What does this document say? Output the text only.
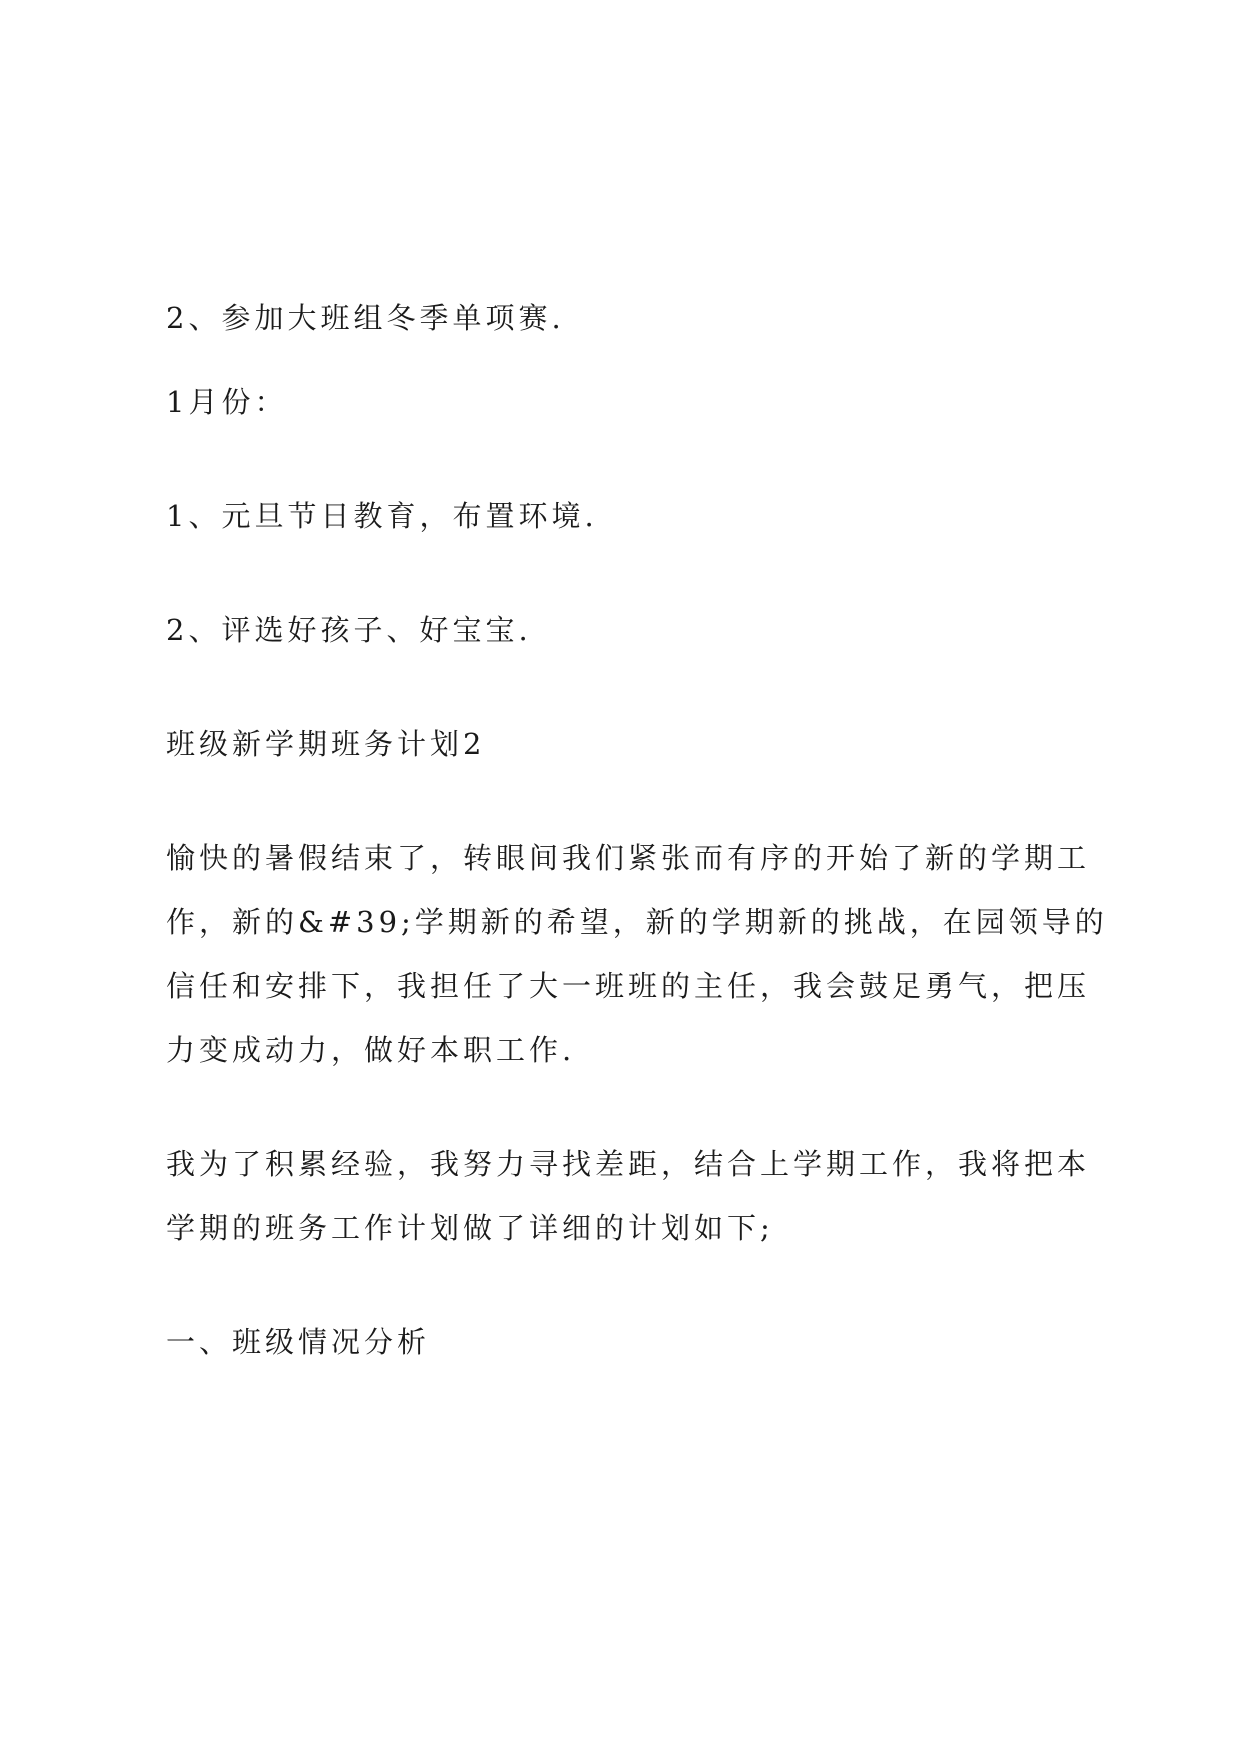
2、参加大班组冬季单项赛.

1月份：

1、元旦节日教育，布置环境.

2、评选好孩子、好宝宝.

班级新学期班务计划2

愉快的暑假结束了，转眼间我们紧张而有序的开始了新的学期工

作，新的&#39;学期新的希望，新的学期新的挑战，在园领导的

信任和安排下，我担任了大一班班的主任，我会鼓足勇气，把压

力变成动力，做好本职工作.

我为了积累经验，我努力寻找差距，结合上学期工作，我将把本

学期的班务工作计划做了详细的计划如下;

一、班级情况分析
